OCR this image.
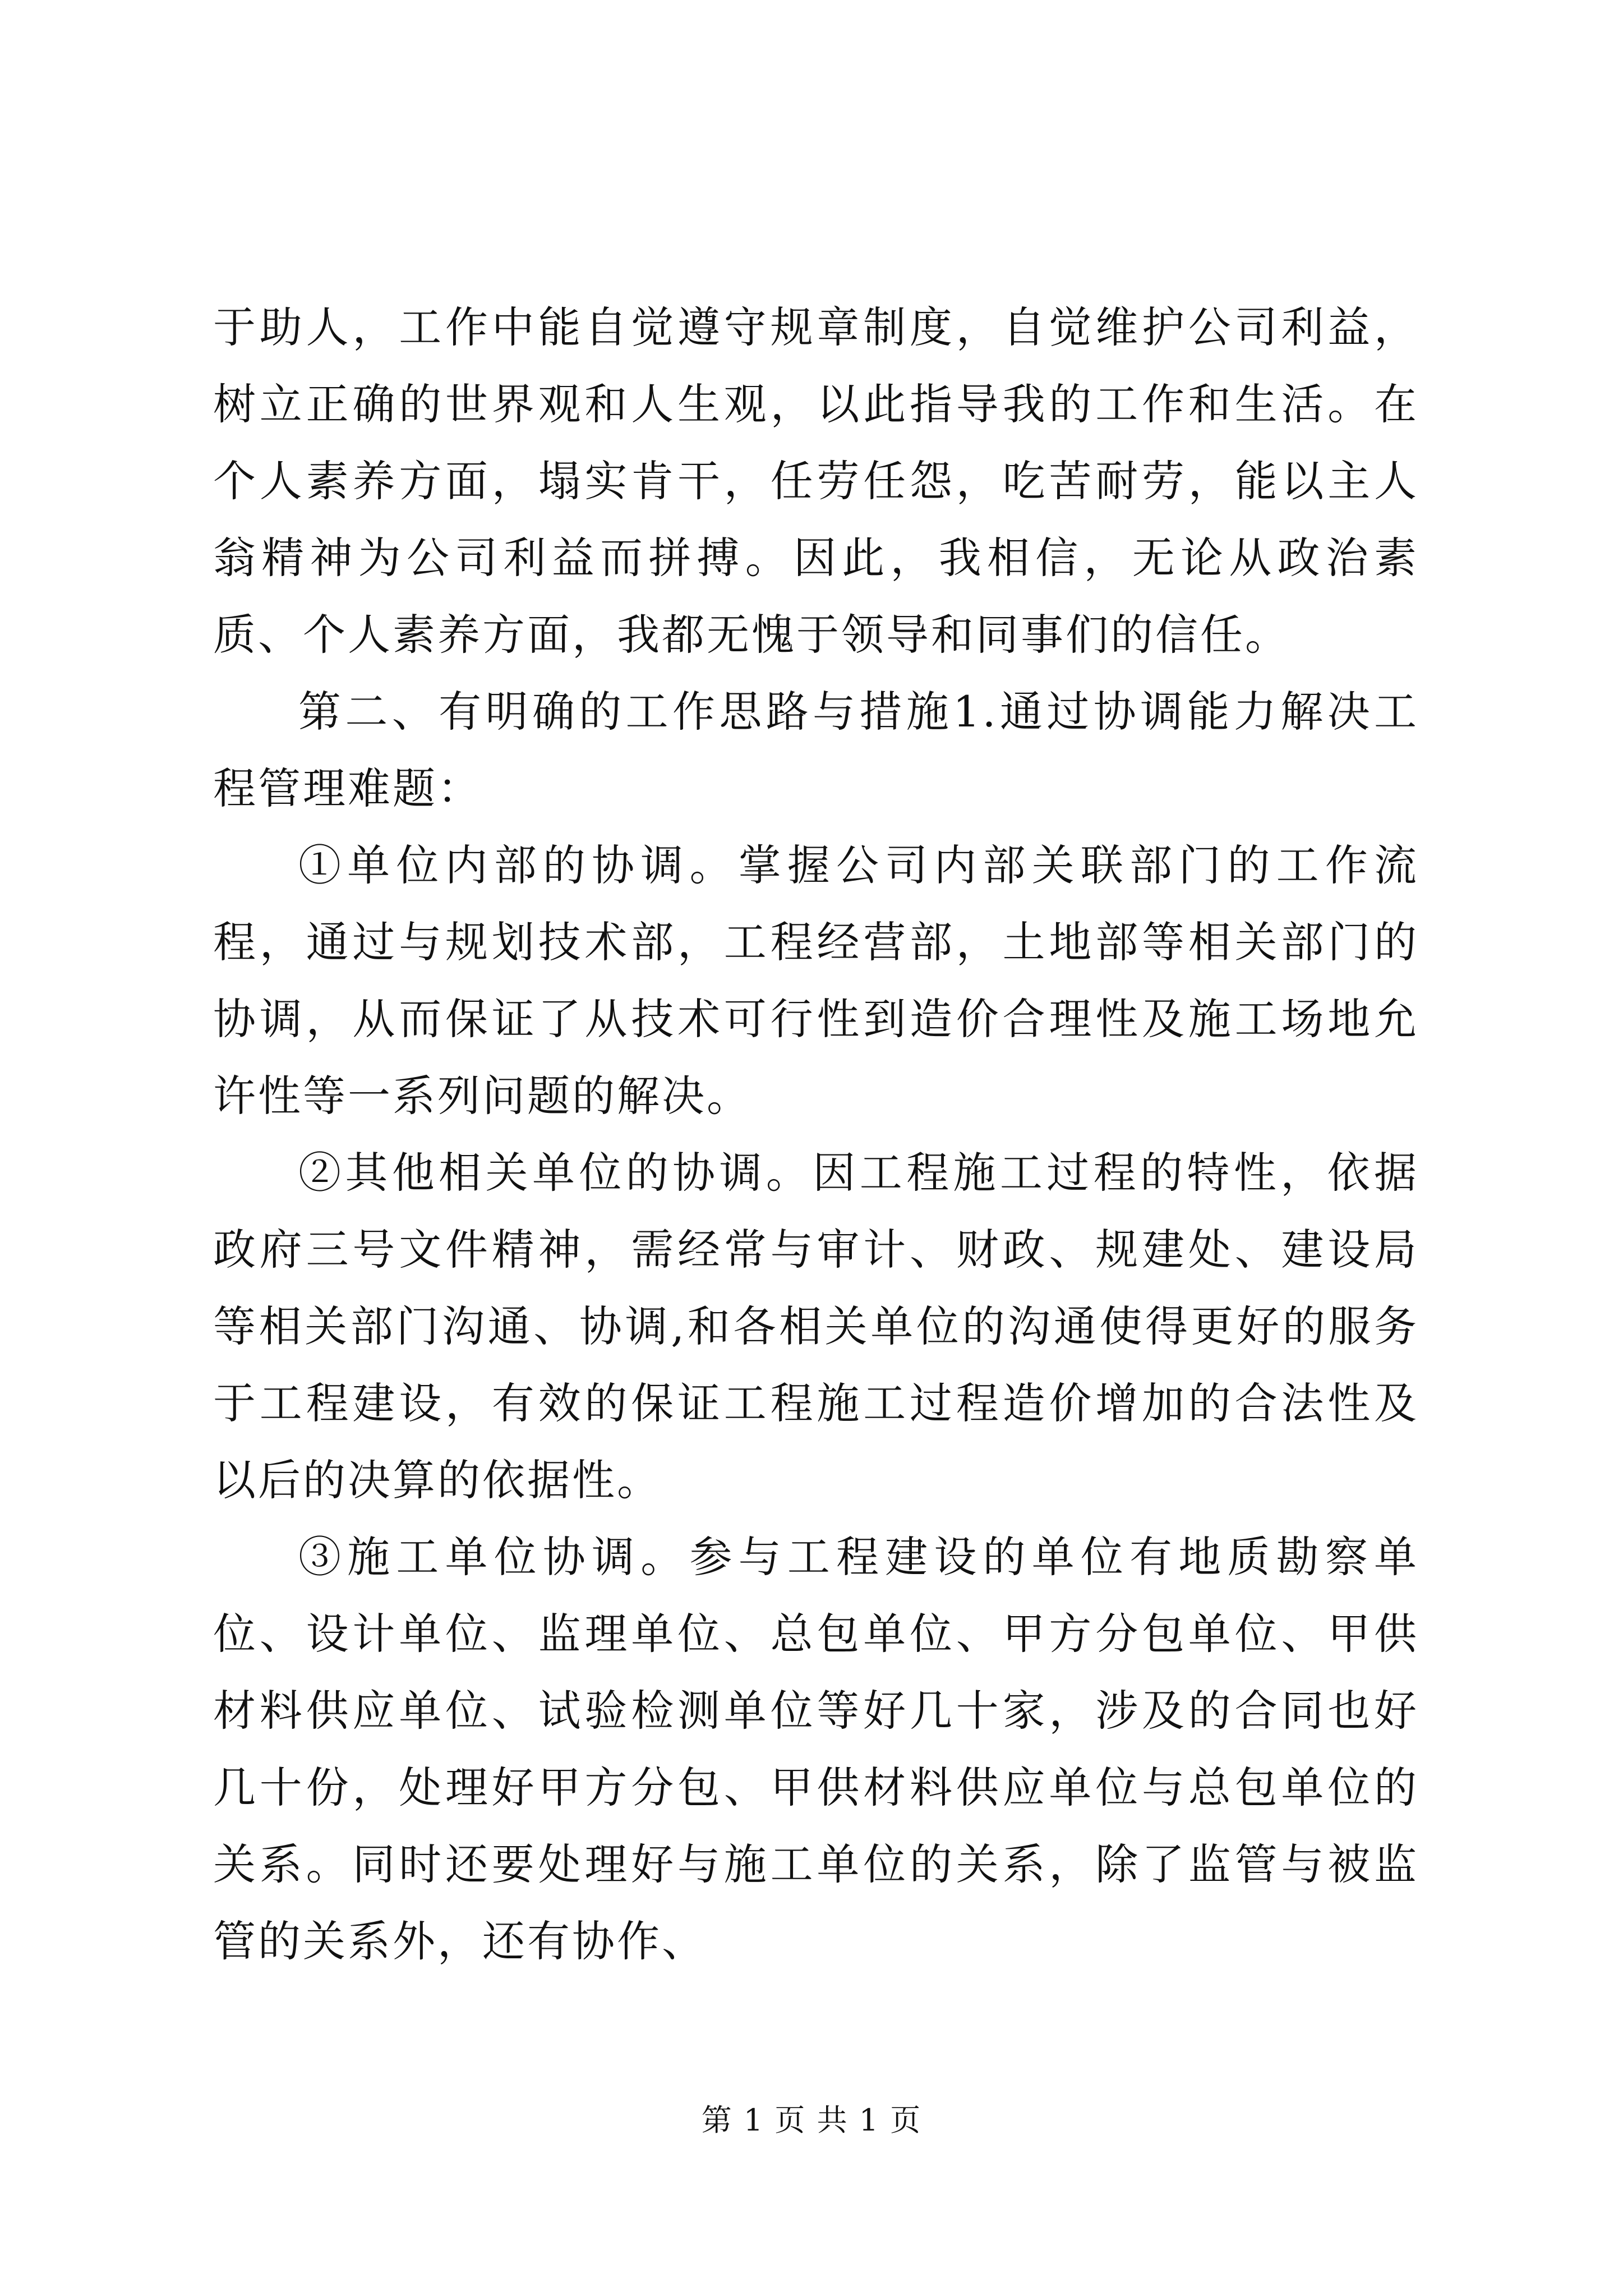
于助人，工作中能自觉遵守规章制度，自觉维护公司利益，树立正确的世界观和人生观，以此指导我的工作和生活。在个人素养方面，塌实肯干，任劳任怨，吃苦耐劳，能以主人翁精神为公司利益而拼搏。因此，我相信，无论从政治素质、个人素养方面，我都无愧于领导和同事们的信任。

第二、有明确的工作思路与措施1.通过协调能力解决工程管理难题：

①单位内部的协调。掌握公司内部关联部门的工作流程，通过与规划技术部，工程经营部，土地部等相关部门的协调，从而保证了从技术可行性到造价合理性及施工场地允许性等一系列问题的解决。

②其他相关单位的协调。因工程施工过程的特性，依据政府三号文件精神，需经常与审计、财政、规建处、建设局等相关部门沟通、协调,和各相关单位的沟通使得更好的服务于工程建设，有效的保证工程施工过程造价增加的合法性及以后的决算的依据性。

③施工单位协调。参与工程建设的单位有地质勘察单位、设计单位、监理单位、总包单位、甲方分包单位、甲供材料供应单位、试验检测单位等好几十家，涉及的合同也好几十份，处理好甲方分包、甲供材料供应单位与总包单位的关系。同时还要处理好与施工单位的关系，除了监管与被监管的关系外，还有协作、

第 1 页 共 1 页
